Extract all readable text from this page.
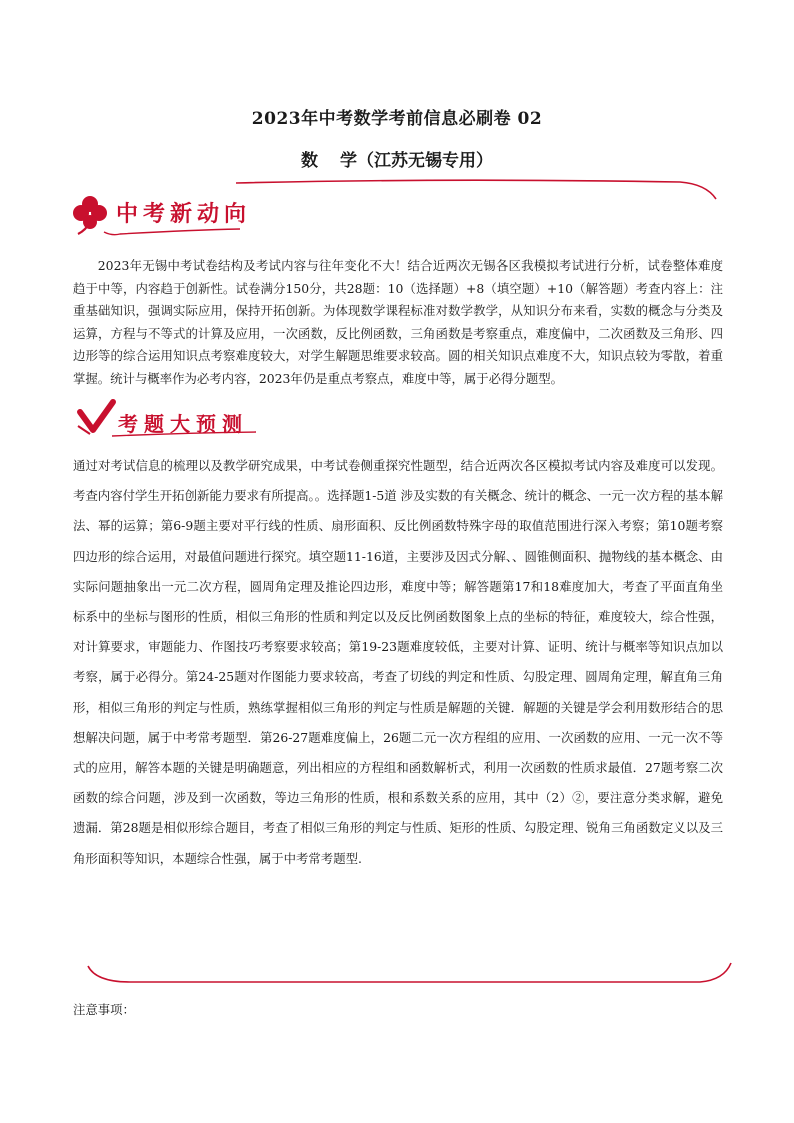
2023年中考数学考前信息必刷卷 02
数 学（江苏无锡专用）
中考新动向

2023年无锡中考试卷结构及考试内容与往年变化不大！结合近两次无锡各区我模拟考试进行分析，试卷整体难度趋于中等，内容趋于创新性。试卷满分150分，共28题：10（选择题）+8（填空题）+10（解答题）考查内容上：注重基础知识，强调实际应用，保持开拓创新。为体现数学课程标准对数学教学，从知识分布来看，实数的概念与分类及运算，方程与不等式的计算及应用，一次函数，反比例函数，三角函数是考察重点，难度偏中，二次函数及三角形、四边形等的综合运用知识点考察难度较大，对学生解题思维要求较高。圆的相关知识点难度不大，知识点较为零散，着重掌握。统计与概率作为必考内容，2023年仍是重点考察点，难度中等，属于必得分题型。

考题大预测

通过对考试信息的梳理以及教学研究成果，中考试卷侧重探究性题型，结合近两次各区模拟考试内容及难度可以发现。考查内容付学生开拓创新能力要求有所提高。。选择题1-5道 涉及实数的有关概念、统计的概念、一元一次方程的基本解法、幂的运算；第6-9题主要对平行线的性质、扇形面积、反比例函数特殊字母的取值范围进行深入考察；第10题考察四边形的综合运用，对最值问题进行探究。填空题11-16道，主要涉及因式分解、、圆锥侧面积、抛物线的基本概念、由实际问题抽象出一元二次方程，圆周角定理及推论四边形，难度中等；解答题第17和18难度加大，考查了平面直角坐标系中的坐标与图形的性质，相似三角形的性质和判定以及反比例函数图象上点的坐标的特征，难度较大，综合性强，对计算要求，审题能力、作图技巧考察要求较高；第19-23题难度较低，主要对计算、证明、统计与概率等知识点加以考察，属于必得分。第24-25题对作图能力要求较高，考查了切线的判定和性质、勾股定理、圆周角定理，解直角三角形，相似三角形的判定与性质，熟练掌握相似三角形的判定与性质是解题的关键．解题的关键是学会利用数形结合的思想解决问题，属于中考常考题型．第26-27题难度偏上，26题二元一次方程组的应用、一次函数的应用、一元一次不等式的应用，解答本题的关键是明确题意，列出相应的方程组和函数解析式，利用一次函数的性质求最值．27题考察二次函数的综合问题，涉及到一次函数，等边三角形的性质，根和系数关系的应用，其中（2）②，要注意分类求解，避免遗漏．第28题是相似形综合题目，考查了相似三角形的判定与性质、矩形的性质、勾股定理、锐角三角函数定义以及三角形面积等知识，本题综合性强，属于中考常考题型.

注意事项：
